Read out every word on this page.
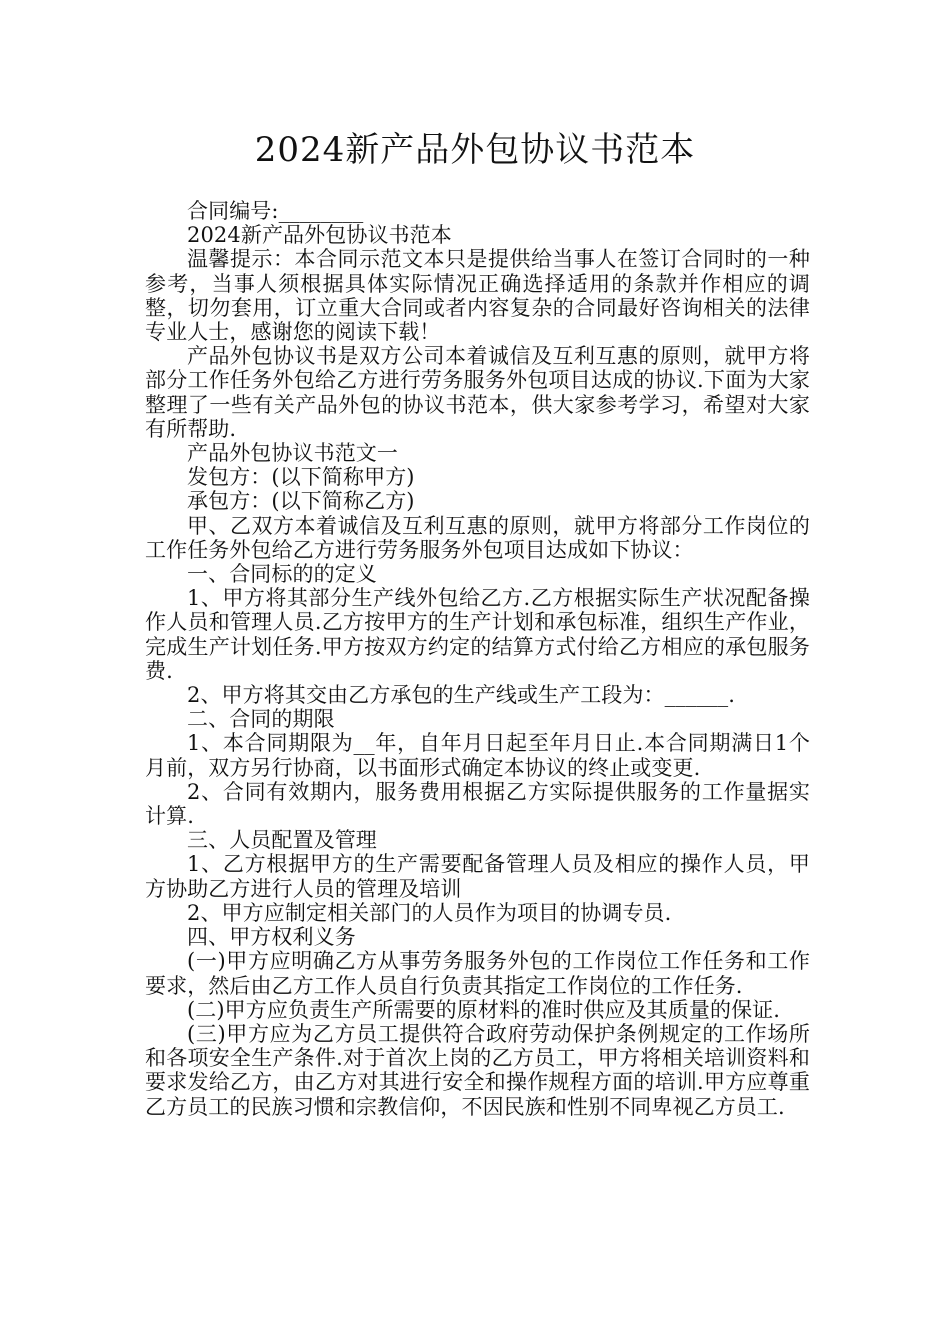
2024新产品外包协议书范本

合同编号:________

2024新产品外包协议书范本

温馨提示：本合同示范文本只是提供给当事人在签订合同时的一种参考，当事人须根据具体实际情况正确选择适用的条款并作相应的调整，切勿套用，订立重大合同或者内容复杂的合同最好咨询相关的法律专业人士，感谢您的阅读下载！

产品外包协议书是双方公司本着诚信及互利互惠的原则，就甲方将部分工作任务外包给乙方进行劳务服务外包项目达成的协议.下面为大家整理了一些有关产品外包的协议书范本，供大家参考学习，希望对大家有所帮助.

产品外包协议书范文一

发包方：(以下简称甲方)

承包方：(以下简称乙方)

甲、乙双方本着诚信及互利互惠的原则，就甲方将部分工作岗位的工作任务外包给乙方进行劳务服务外包项目达成如下协议：

一、合同标的的定义

1、甲方将其部分生产线外包给乙方.乙方根据实际生产状况配备操作人员和管理人员.乙方按甲方的生产计划和承包标准，组织生产作业，完成生产计划任务.甲方按双方约定的结算方式付给乙方相应的承包服务费.

2、甲方将其交由乙方承包的生产线或生产工段为：______.

二、合同的期限

1、本合同期限为__年，自年月日起至年月日止.本合同期满日1个月前，双方另行协商，以书面形式确定本协议的终止或变更.

2、合同有效期内，服务费用根据乙方实际提供服务的工作量据实计算.

三、人员配置及管理

1、乙方根据甲方的生产需要配备管理人员及相应的操作人员，甲方协助乙方进行人员的管理及培训

2、甲方应制定相关部门的人员作为项目的协调专员.

四、甲方权利义务

(一)甲方应明确乙方从事劳务服务外包的工作岗位工作任务和工作要求，然后由乙方工作人员自行负责其指定工作岗位的工作任务.

(二)甲方应负责生产所需要的原材料的准时供应及其质量的保证.

(三)甲方应为乙方员工提供符合政府劳动保护条例规定的工作场所和各项安全生产条件.对于首次上岗的乙方员工，甲方将相关培训资料和要求发给乙方，由乙方对其进行安全和操作规程方面的培训.甲方应尊重乙方员工的民族习惯和宗教信仰，不因民族和性别不同卑视乙方员工.
